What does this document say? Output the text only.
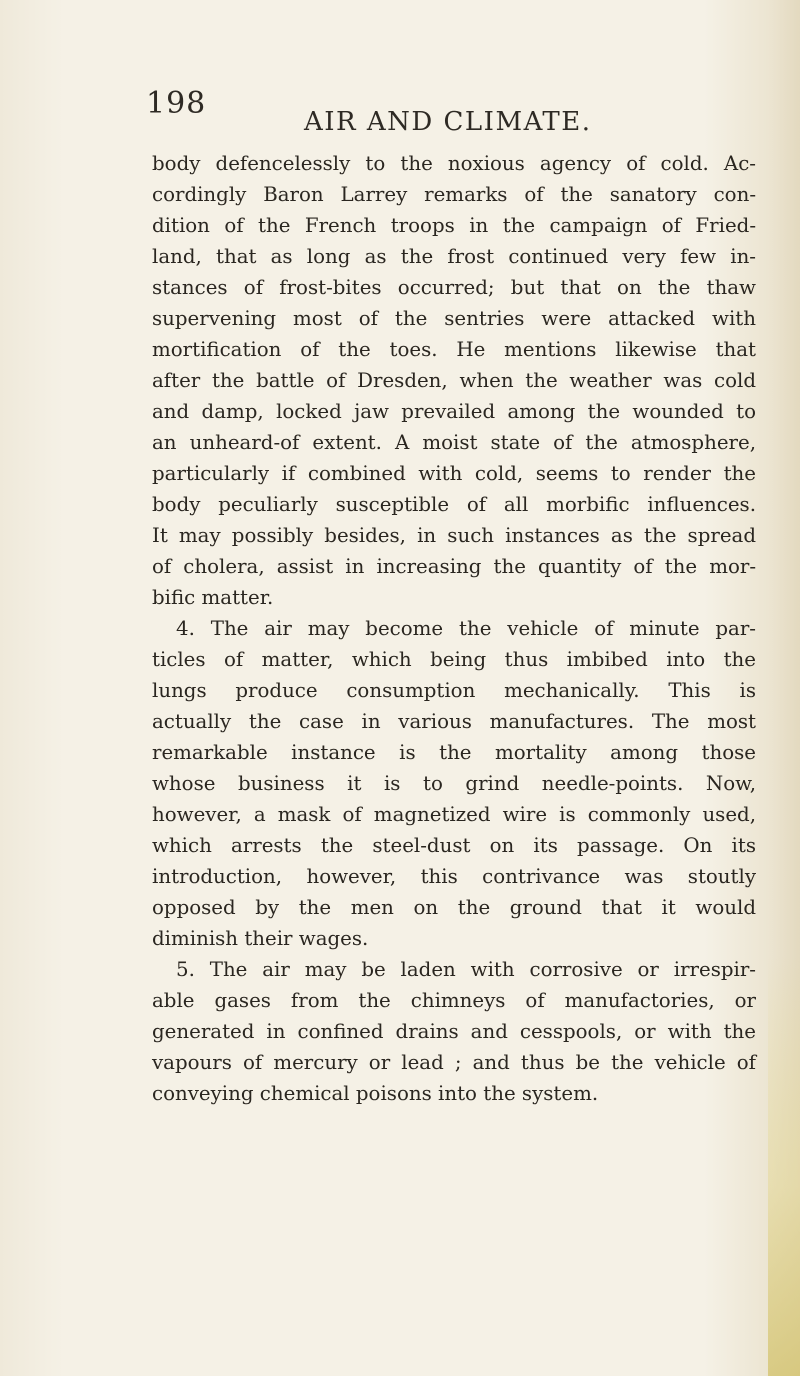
198
AIR AND CLIMATE.
body defencelessly to the noxious agency of cold. Ac-
cordingly Baron Larrey remarks of the sanatory con-
dition of the French troops in the campaign of Fried-
land, that as long as the frost continued very few in-
stances of frost-bites occurred; but that on the thaw
supervening most of the sentries were attacked with
mortification of the toes. He mentions likewise that
after the battle of Dresden, when the weather was cold
and damp, locked jaw prevailed among the wounded to
an unheard-of extent. A moist state of the atmosphere,
particularly if combined with cold, seems to render the
body peculiarly susceptible of all morbific influences.
It may possibly besides, in such instances as the spread
of cholera, assist in increasing the quantity of the mor-
bific matter.
4. The air may become the vehicle of minute par-
ticles of matter, which being thus imbibed into the
lungs produce consumption mechanically. This is
actually the case in various manufactures. The most
remarkable instance is the mortality among those
whose business it is to grind needle-points. Now,
however, a mask of magnetized wire is commonly used,
which arrests the steel-dust on its passage. On its
introduction, however, this contrivance was stoutly
opposed by the men on the ground that it would
diminish their wages.
5. The air may be laden with corrosive or irrespir-
able gases from the chimneys of manufactories, or
generated in confined drains and cesspools, or with the
vapours of mercury or lead ; and thus be the vehicle of
conveying chemical poisons into the system.
